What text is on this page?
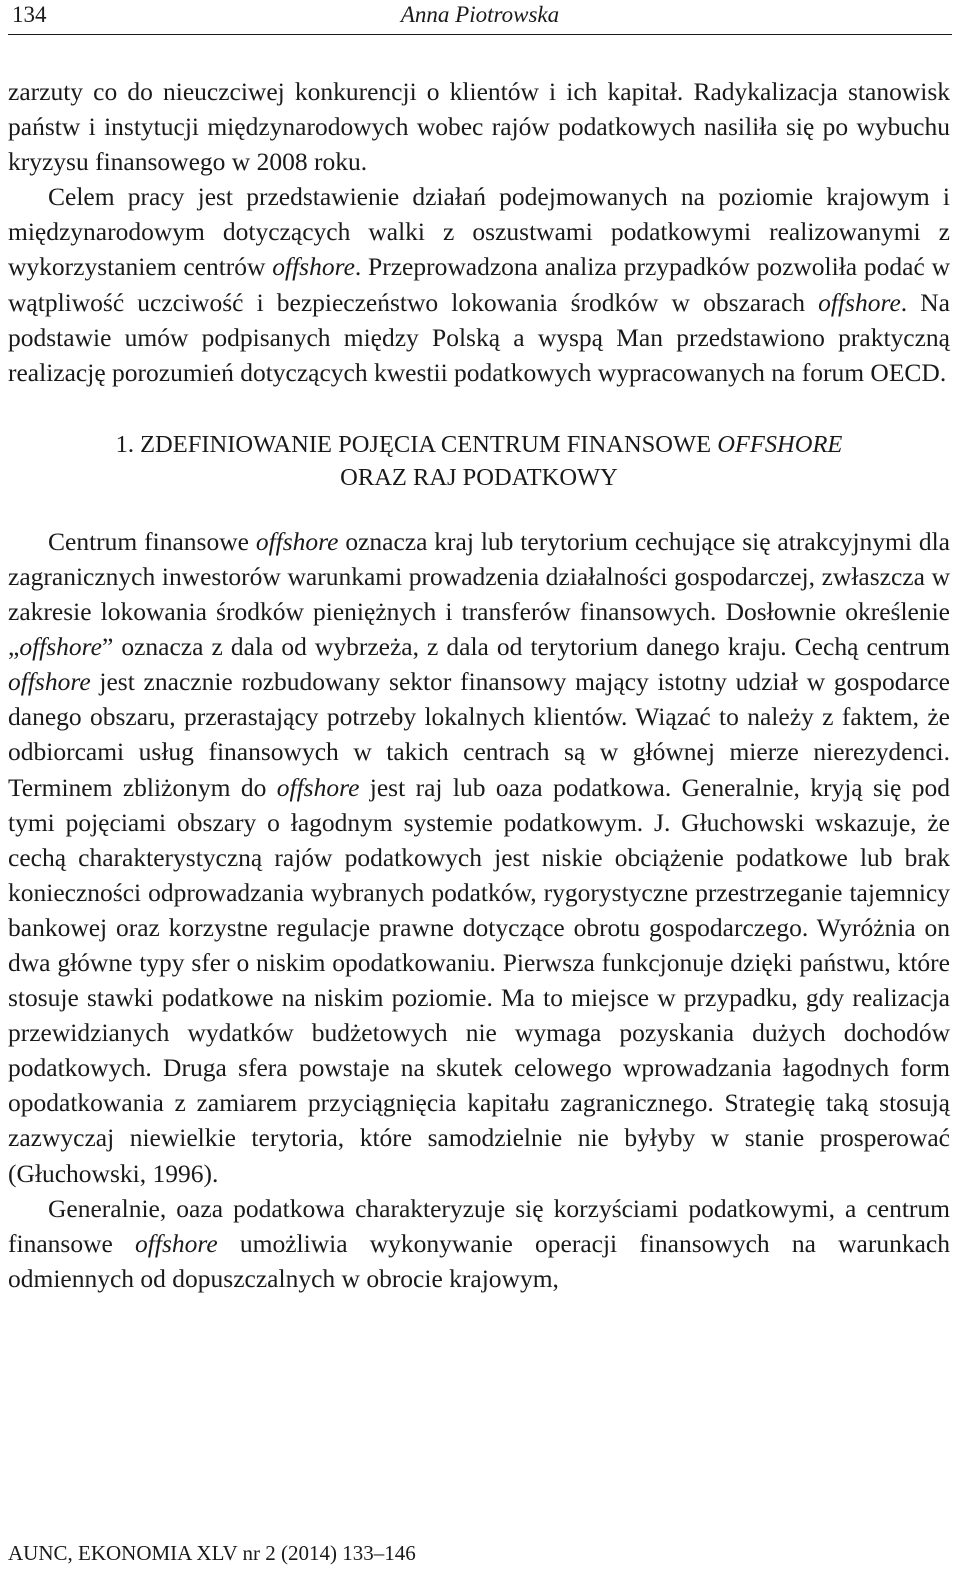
134	Anna Piotrowska

zarzuty co do nieuczciwej konkurencji o klientów i ich kapitał. Radykalizacja stanowisk państw i instytucji międzynarodowych wobec rajów podatkowych nasiliła się po wybuchu kryzysu finansowego w 2008 roku.

Celem pracy jest przedstawienie działań podejmowanych na poziomie krajowym i międzynarodowym dotyczących walki z oszustwami podatkowymi realizowanymi z wykorzystaniem centrów offshore. Przeprowadzona analiza przypadków pozwoliła podać w wątpliwość uczciwość i bezpieczeństwo lokowania środków w obszarach offshore. Na podstawie umów podpisanych między Polską a wyspą Man przedstawiono praktyczną realizację porozumień dotyczących kwestii podatkowych wypracowanych na forum OECD.

1. ZDEFINIOWANIE POJĘCIA CENTRUM FINANSOWE OFFSHORE
ORAZ RAJ PODATKOWY

Centrum finansowe offshore oznacza kraj lub terytorium cechujące się atrakcyjnymi dla zagranicznych inwestorów warunkami prowadzenia działalności gospodarczej, zwłaszcza w zakresie lokowania środków pieniężnych i transferów finansowych. Dosłownie określenie „offshore” oznacza z dala od wybrzeża, z dala od terytorium danego kraju. Cechą centrum offshore jest znacznie rozbudowany sektor finansowy mający istotny udział w gospodarce danego obszaru, przerastający potrzeby lokalnych klientów. Wiązać to należy z faktem, że odbiorcami usług finansowych w takich centrach są w głównej mierze nierezydenci. Terminem zbliżonym do offshore jest raj lub oaza podatkowa. Generalnie, kryją się pod tymi pojęciami obszary o łagodnym systemie podatkowym. J. Głuchowski wskazuje, że cechą charakterystyczną rajów podatkowych jest niskie obciążenie podatkowe lub brak konieczności odprowadzania wybranych podatków, rygorystyczne przestrzeganie tajemnicy bankowej oraz korzystne regulacje prawne dotyczące obrotu gospodarczego. Wyróżnia on dwa główne typy sfer o niskim opodatkowaniu. Pierwsza funkcjonuje dzięki państwu, które stosuje stawki podatkowe na niskim poziomie. Ma to miejsce w przypadku, gdy realizacja przewidzianych wydatków budżetowych nie wymaga pozyskania dużych dochodów podatkowych. Druga sfera powstaje na skutek celowego wprowadzania łagodnych form opodatkowania z zamiarem przyciągnięcia kapitału zagranicznego. Strategię taką stosują zazwyczaj niewielkie terytoria, które samodzielnie nie byłyby w stanie prosperować (Głuchowski, 1996).

Generalnie, oaza podatkowa charakteryzuje się korzyściami podatkowymi, a centrum finansowe offshore umożliwia wykonywanie operacji finansowych na warunkach odmiennych od dopuszczalnych w obrocie krajowym,

AUNC, EKONOMIA XLV nr 2 (2014) 133–146
